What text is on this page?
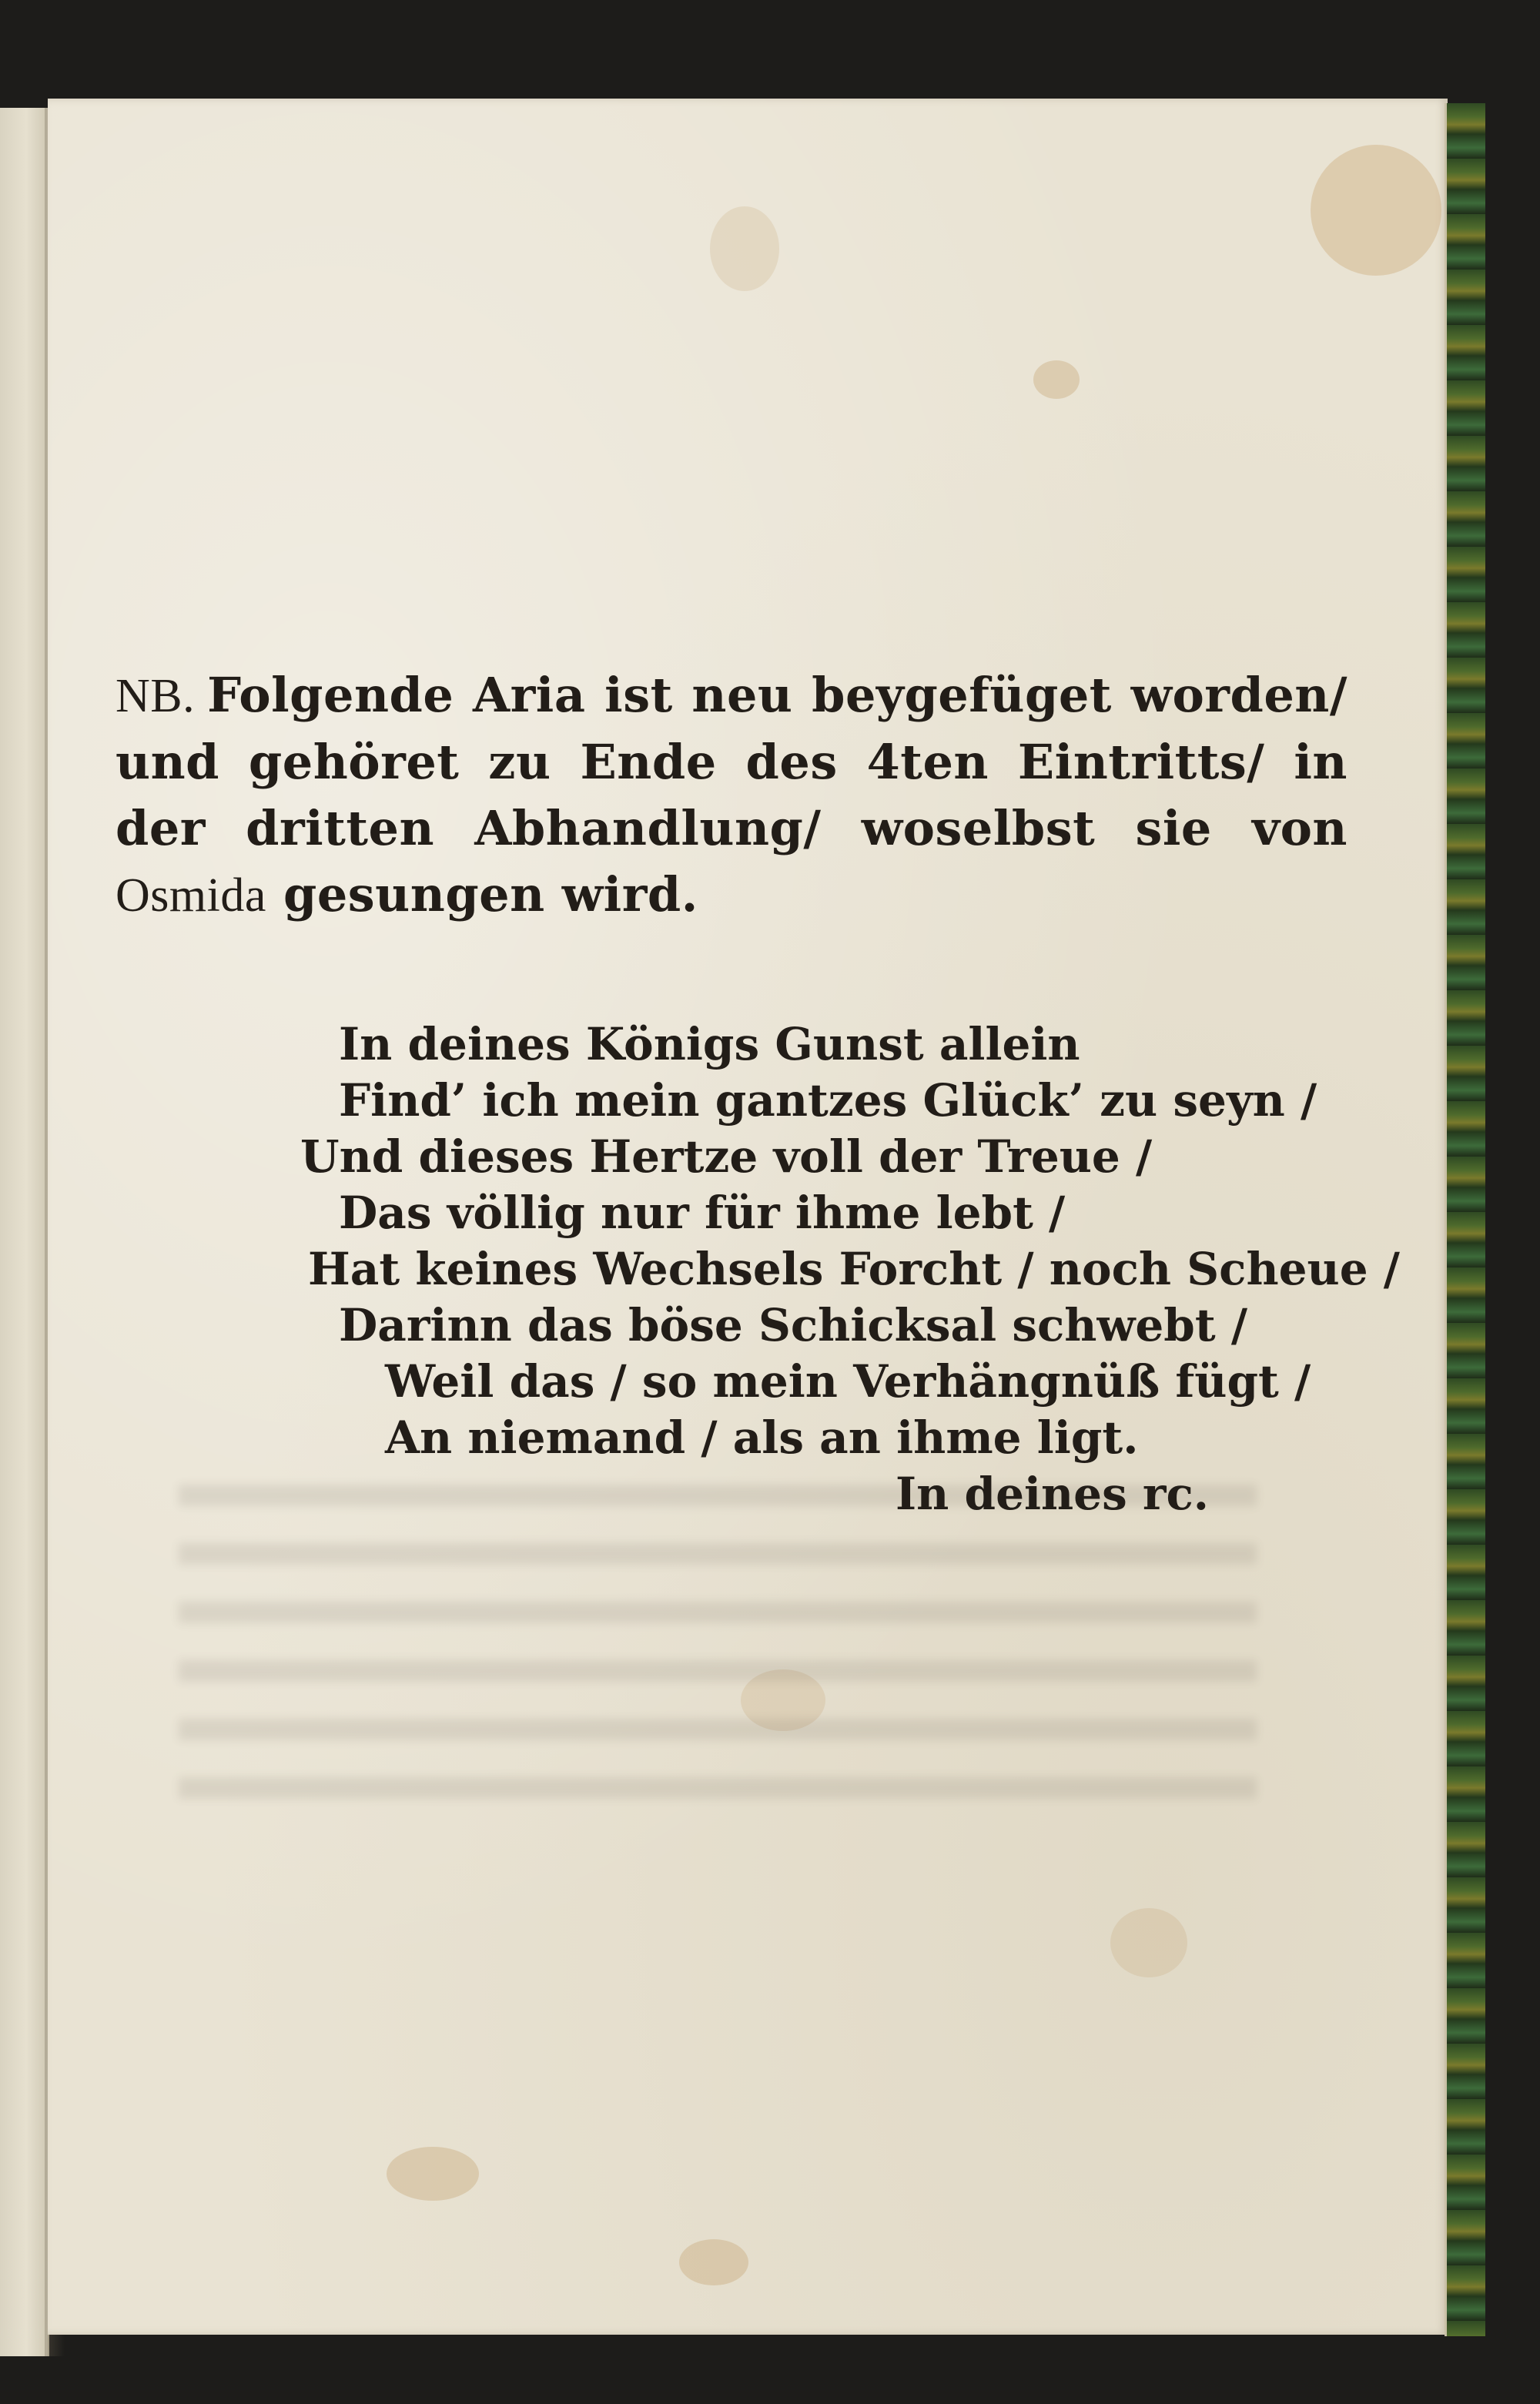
NB. Folgende Aria ist neu beygefüget worden/ und gehöret zu Ende des 4ten Eintritts/ in der dritten Abhandlung/ woselbst sie von Osmida gesungen wird.

In deines Königs Gunst allein
Find’ ich mein gantzes Glück’ zu seyn /
Und dieses Hertze voll der Treue /
Das völlig nur für ihme lebt /
Hat keines Wechsels Forcht / noch Scheue /
Darinn das böse Schicksal schwebt /
Weil das / so mein Verhängnüß fügt /
An niemand / als an ihme ligt.
In deines rc.
